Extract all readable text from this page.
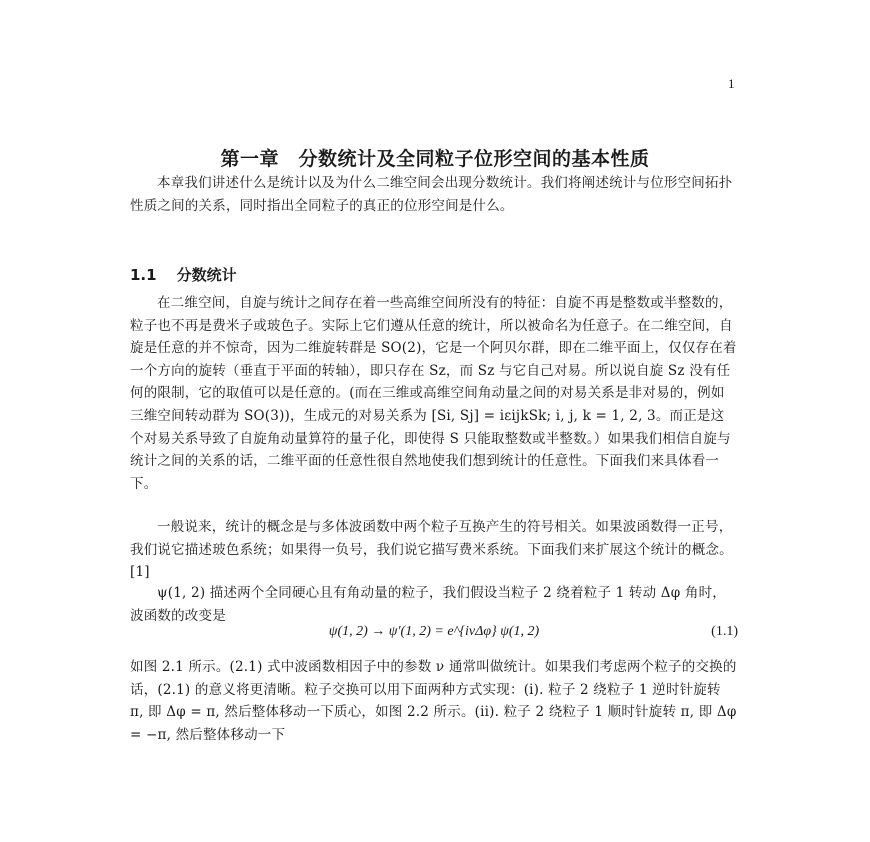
1
第一章　分数统计及全同粒子位形空间的基本性质

本章我们讲述什么是统计以及为什么二维空间会出现分数统计。我们将阐述统计与位形空间拓扑性质之间的关系，同时指出全同粒子的真正的位形空间是什么。

1.1 分数统计

在二维空间，自旋与统计之间存在着一些高维空间所没有的特征：自旋不再是整数或半整数的，粒子也不再是费米子或玻色子。实际上它们遵从任意的统计，所以被命名为任意子。在二维空间，自旋是任意的并不惊奇，因为二维旋转群是 SO(2)，它是一个阿贝尔群，即在二维平面上，仅仅存在着一个方向的旋转（垂直于平面的转轴），即只存在 Sz，而 Sz 与它自己对易。所以说自旋 Sz 没有任何的限制，它的取值可以是任意的。(而在三维或高维空间角动量之间的对易关系是非对易的，例如三维空间转动群为 SO(3))，生成元的对易关系为 [Si, Sj] = iεijkSk; i, j, k = 1, 2, 3。而正是这个对易关系导致了自旋角动量算符的量子化，即使得 S 只能取整数或半整数。）如果我们相信自旋与统计之间的关系的话，二维平面的任意性很自然地使我们想到统计的任意性。下面我们来具体看一下。

一般说来，统计的概念是与多体波函数中两个粒子互换产生的符号相关。如果波函数得一正号，我们说它描述玻色系统；如果得一负号，我们说它描写费米系统。下面我们来扩展这个统计的概念。[1]

ψ(1, 2) 描述两个全同硬心且有角动量的粒子，我们假设当粒子 2 绕着粒子 1 转动 Δφ 角时，波函数的改变是

ψ(1, 2) → ψ′(1, 2) = e^{iνΔφ} ψ(1, 2)	(1.1)

如图 2.1 所示。(2.1) 式中波函数相因子中的参数 ν 通常叫做统计。如果我们考虑两个粒子的交换的话，(2.1) 的意义将更清晰。粒子交换可以用下面两种方式实现：(i). 粒子 2 绕粒子 1 逆时针旋转 π, 即 Δφ = π, 然后整体移动一下质心，如图 2.2 所示。(ii). 粒子 2 绕粒子 1 顺时针旋转 π, 即 Δφ = −π, 然后整体移动一下
